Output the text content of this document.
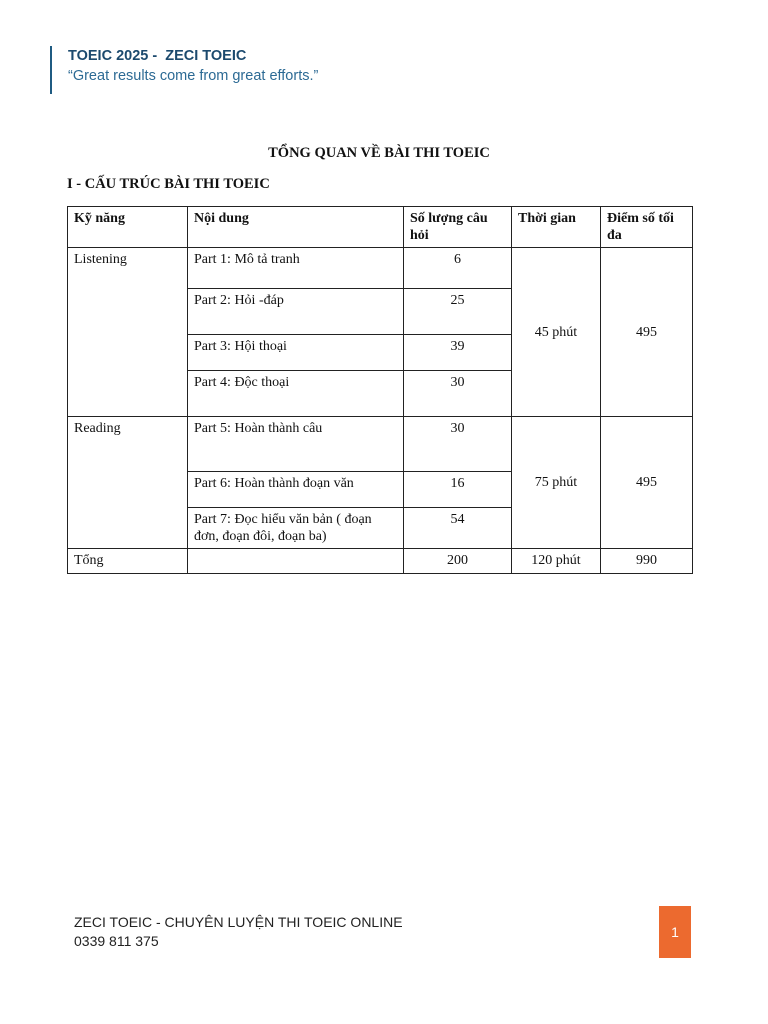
TOEIC 2025 -  ZECI TOEIC
“Great results come from great efforts.”
TỔNG QUAN VỀ BÀI THI TOEIC
I - CẤU TRÚC BÀI THI TOEIC
Kỹ năng	Nội dung	Số lượng câu hỏi	Thời gian	Điểm số tối đa
Listening	Part 1: Mô tả tranh	6	45 phút	495
	Part 2: Hỏi -đáp	25		
	Part 3: Hội thoại	39		
	Part 4: Độc thoại	30		
Reading	Part 5: Hoàn thành câu	30	75 phút	495
	Part 6: Hoàn thành đoạn văn	16		
	Part 7: Đọc hiểu văn bản ( đoạn đơn, đoạn đôi, đoạn ba)	54		
Tổng		200	120 phút	990
ZECI TOEIC - CHUYÊN LUYỆN THI TOEIC ONLINE
0339 811 375
1
